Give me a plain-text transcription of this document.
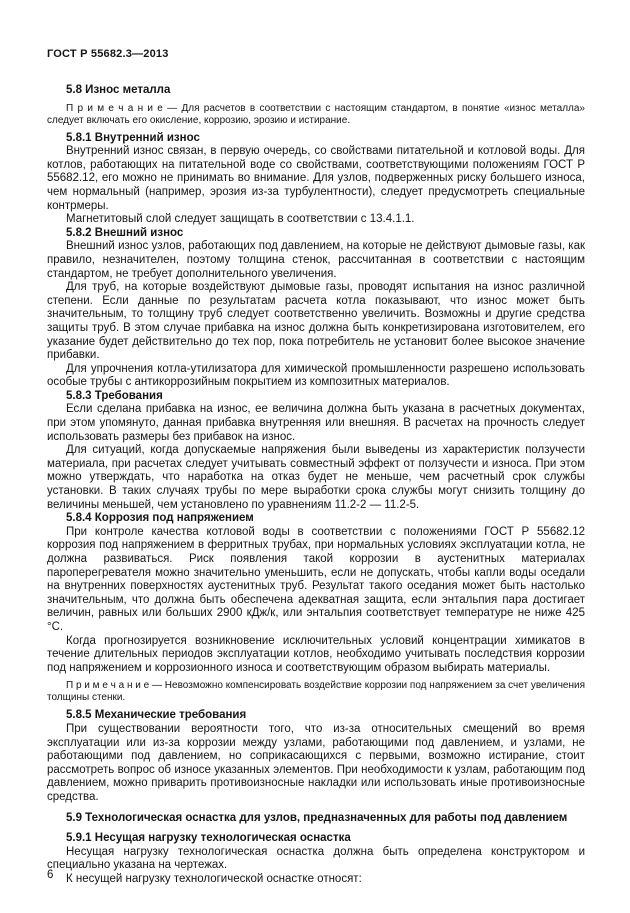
ГОСТ Р 55682.3—2013

5.8 Износ металла

П р и м е ч а н и е — Для расчетов в соответствии с настоящим стандартом, в понятие «износ металла» следует включать его окисление, коррозию, эрозию и истирание.

5.8.1 Внутренний износ

Внутренний износ связан, в первую очередь, со свойствами питательной и котловой воды. Для котлов, работающих на питательной воде со свойствами, соответствующими положениям ГОСТ Р 55682.12, его можно не принимать во внимание. Для узлов, подверженных риску большего износа, чем нормальный (например, эрозия из-за турбулентности), следует предусмотреть специальные контрмеры.

Магнетитовый слой следует защищать в соответствии с 13.4.1.1.

5.8.2 Внешний износ

Внешний износ узлов, работающих под давлением, на которые не действуют дымовые газы, как правило, незначителен, поэтому толщина стенок, рассчитанная в соответствии с настоящим стандартом, не требует дополнительного увеличения.

Для труб, на которые воздействуют дымовые газы, проводят испытания на износ различной степени. Если данные по результатам расчета котла показывают, что износ может быть значительным, то толщину труб следует соответственно увеличить. Возможны и другие средства защиты труб. В этом случае прибавка на износ должна быть конкретизирована изготовителем, его указание будет действительно до тех пор, пока потребитель не установит более высокое значение прибавки.

Для упрочнения котла-утилизатора для химической промышленности разрешено использовать особые трубы с антикоррозийным покрытием из композитных материалов.

5.8.3 Требования

Если сделана прибавка на износ, ее величина должна быть указана в расчетных документах, при этом упомянуто, данная прибавка внутренняя или внешняя. В расчетах на прочность следует использовать размеры без прибавок на износ.

Для ситуаций, когда допускаемые напряжения были выведены из характеристик ползучести материала, при расчетах следует учитывать совместный эффект от ползучести и износа. При этом можно утверждать, что наработка на отказ будет не меньше, чем расчетный срок службы установки. В таких случаях трубы по мере выработки срока службы могут снизить толщину до величины меньшей, чем установлено по уравнениям 11.2-2 — 11.2-5.

5.8.4 Коррозия под напряжением

При контроле качества котловой воды в соответствии с положениями ГОСТ Р 55682.12 коррозия под напряжением в ферритных трубах, при нормальных условиях эксплуатации котла, не должна развиваться. Риск появления такой коррозии в аустенитных материалах пароперегревателя можно значительно уменьшить, если не допускать, чтобы капли воды оседали на внутренних поверхностях аустенитных труб. Результат такого оседания может быть настолько значительным, что должна быть обеспечена адекватная защита, если энтальпия пара достигает величин, равных или больших 2900 кДж/к, или энтальпия соответствует температуре не ниже 425 °С.

Когда прогнозируется возникновение исключительных условий концентрации химикатов в течение длительных периодов эксплуатации котлов, необходимо учитывать последствия коррозии под напряжением и коррозионного износа и соответствующим образом выбирать материалы.

П р и м е ч а н и е — Невозможно компенсировать воздействие коррозии под напряжением за счет увеличения толщины стенки.

5.8.5 Механические требования

При существовании вероятности того, что из-за относительных смещений во время эксплуатации или из-за коррозии между узлами, работающими под давлением, и узлами, не работающими под давлением, но соприкасающихся с первыми, возможно истирание, стоит рассмотреть вопрос об износе указанных элементов. При необходимости к узлам, работающим под давлением, можно приварить противоизносные накладки или использовать иные противоизносные средства.

5.9 Технологическая оснастка для узлов, предназначенных для работы под давлением

5.9.1 Несущая нагрузку технологическая оснастка

Несущая нагрузку технологическая оснастка должна быть определена конструктором и специально указана на чертежах.

К несущей нагрузку технологической оснастке относят:

6
